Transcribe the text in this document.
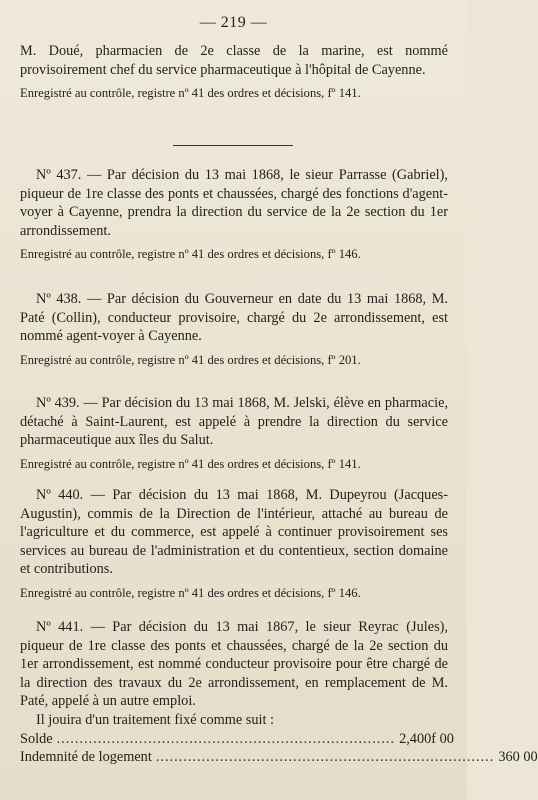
— 219 —

M. Doué, pharmacien de 2e classe de la marine, est nommé provisoirement chef du service pharmaceutique à l'hôpital de Cayenne.

Enregistré au contrôle, registre nº 41 des ordres et décisions, fº 141.

Nº 437. — Par décision du 13 mai 1868, le sieur Parrasse (Gabriel), piqueur de 1re classe des ponts et chaussées, chargé des fonctions d'agent-voyer à Cayenne, prendra la direction du service de la 2e section du 1er arrondissement.

Enregistré au contrôle, registre nº 41 des ordres et décisions, fº 146.

Nº 438. — Par décision du Gouverneur en date du 13 mai 1868, M. Paté (Collin), conducteur provisoire, chargé du 2e arrondissement, est nommé agent-voyer à Cayenne.

Enregistré au contrôle, registre nº 41 des ordres et décisions, fº 201.

Nº 439. — Par décision du 13 mai 1868, M. Jelski, élève en pharmacie, détaché à Saint-Laurent, est appelé à prendre la direction du service pharmaceutique aux îles du Salut.

Enregistré au contrôle, registre nº 41 des ordres et décisions, fº 141.

Nº 440. — Par décision du 13 mai 1868, M. Dupeyrou (Jacques-Augustin), commis de la Direction de l'intérieur, attaché au bureau de l'agriculture et du commerce, est appelé à continuer provisoirement ses services au bureau de l'administration et du contentieux, section domaine et contributions.

Enregistré au contrôle, registre nº 41 des ordres et décisions, fº 146.

Nº 441. — Par décision du 13 mai 1867, le sieur Reyrac (Jules), piqueur de 1re classe des ponts et chaussées, chargé de la 2e section du 1er arrondissement, est nommé conducteur provisoire pour être chargé de la direction des travaux du 2e arrondissement, en remplacement de M. Paté, appelé à un autre emploi.

Il jouira d'un traitement fixé comme suit :

Solde .......................................................................... 2,400f 00
Indemnité de logement .......................................................................... 360 00
